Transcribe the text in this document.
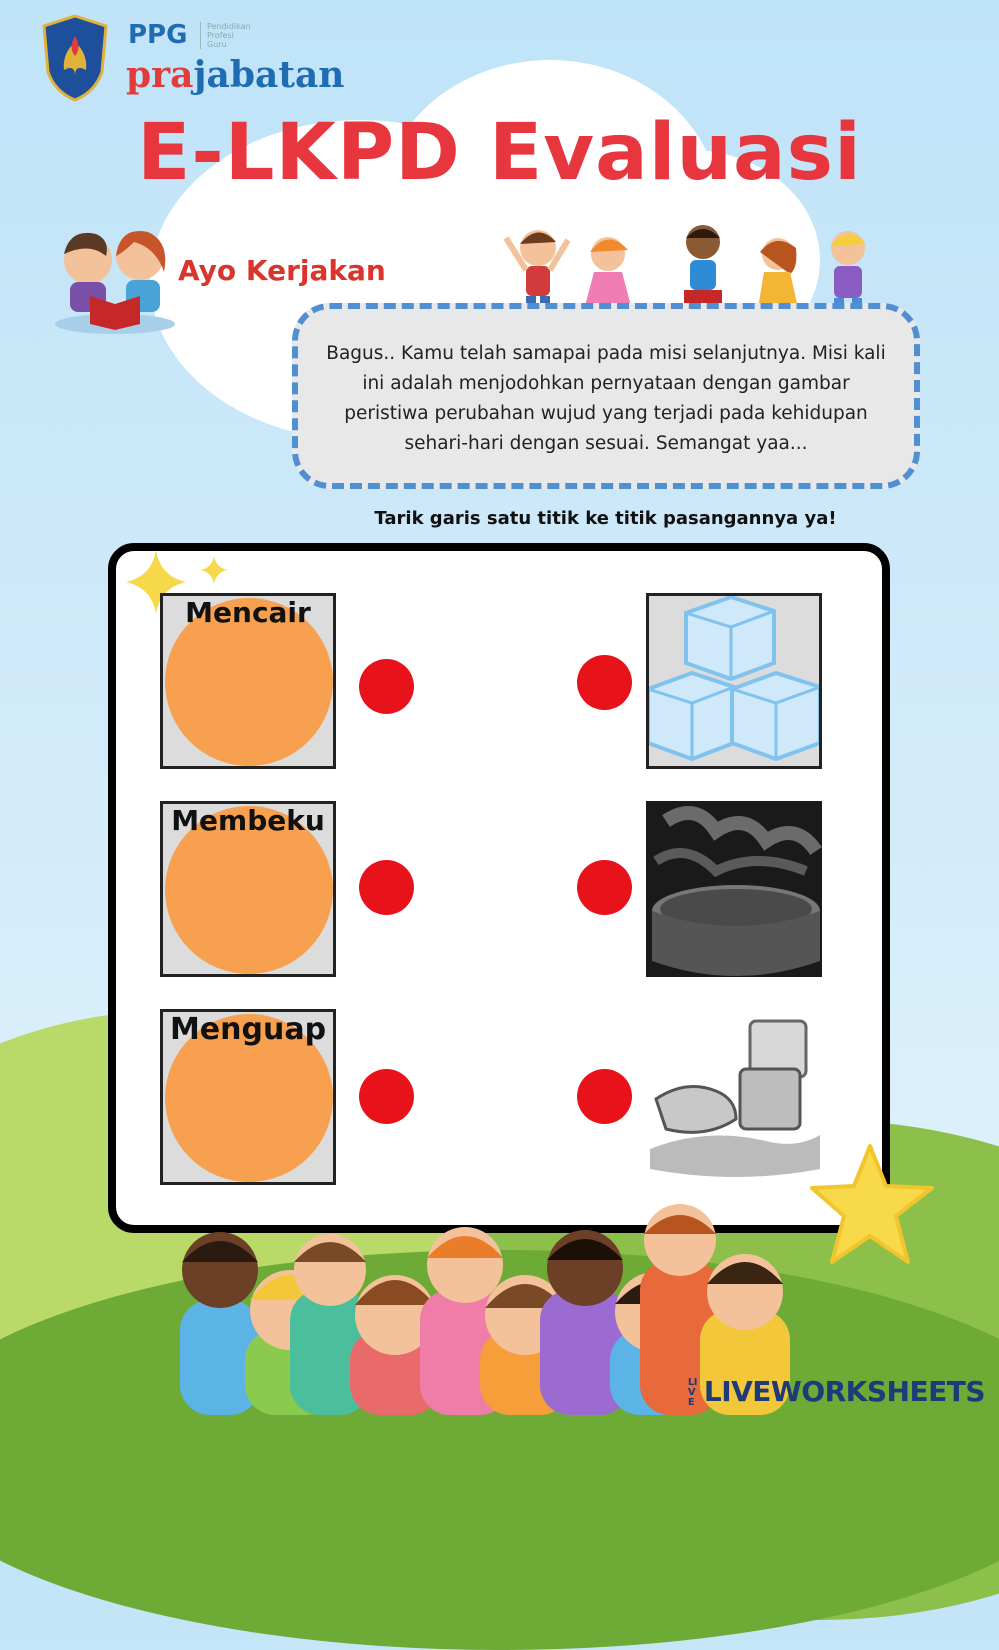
PPG	Pendidikan Profesi Guru
prajabatan
E-LKPD Evaluasi
Ayo Kerjakan

Bagus.. Kamu telah samapai pada misi selanjutnya. Misi kali ini adalah menjodohkan pernyataan dengan gambar peristiwa perubahan wujud yang terjadi pada kehidupan sehari-hari dengan sesuai. Semangat yaa...

Tarik garis satu titik ke titik pasangannya ya!
Mencair
Membeku
Menguap
LIVE LIVEWORKSHEETS
